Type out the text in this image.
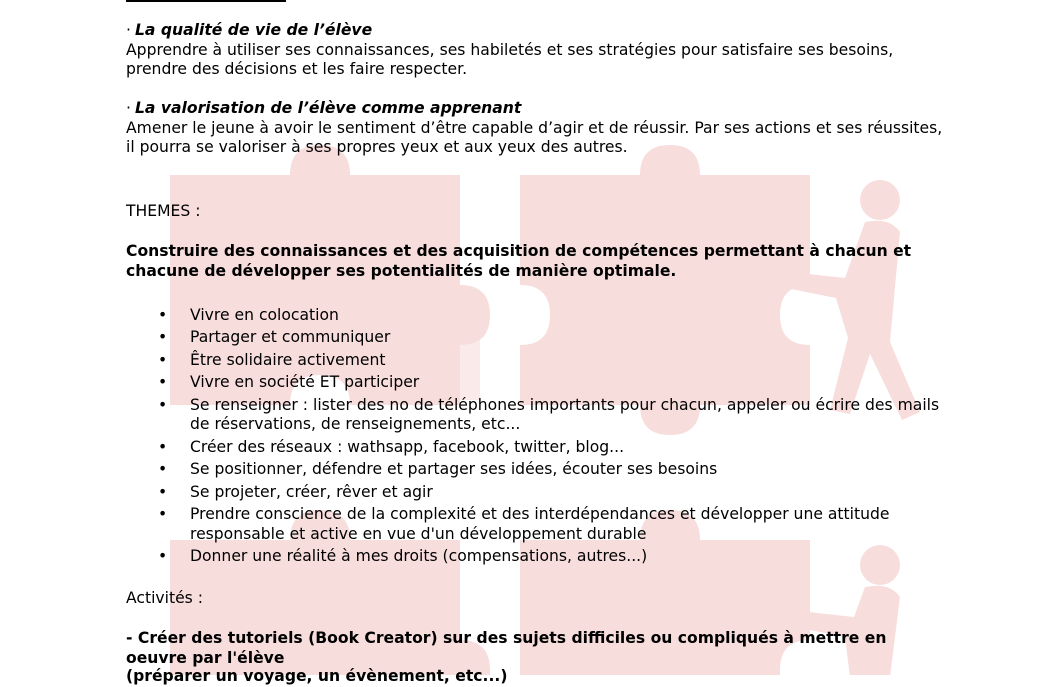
· La qualité de vie de l’élève
Apprendre à utiliser ses connaissances, ses habiletés et ses stratégies pour satisfaire ses besoins, prendre des décisions et les faire respecter.
· La valorisation de l’élève comme apprenant
Amener le jeune à avoir le sentiment d’être capable d’agir et de réussir. Par ses actions et ses réussites, il pourra se valoriser à ses propres yeux et aux yeux des autres.
THEMES :
Construire des connaissances et des acquisition de compétences permettant à chacun et chacune de développer ses potentialités de manière optimale.
• Vivre en colocation
• Partager et communiquer
• Être solidaire activement
• Vivre en société ET participer
• Se renseigner : lister des no de téléphones importants pour chacun, appeler ou écrire des mails de réservations, de renseignements, etc...
• Créer des réseaux : wathsapp, facebook, twitter, blog...
• Se positionner, défendre et partager ses idées, écouter ses besoins
• Se projeter, créer, rêver et agir
• Prendre conscience de la complexité et des interdépendances et développer une attitude responsable et active en vue d'un développement durable
• Donner une réalité à mes droits (compensations, autres...)
Activités :
- Créer des tutoriels (Book Creator) sur des sujets difficiles ou compliqués à mettre en oeuvre par l'élève
(préparer un voyage, un évènement, etc...)
